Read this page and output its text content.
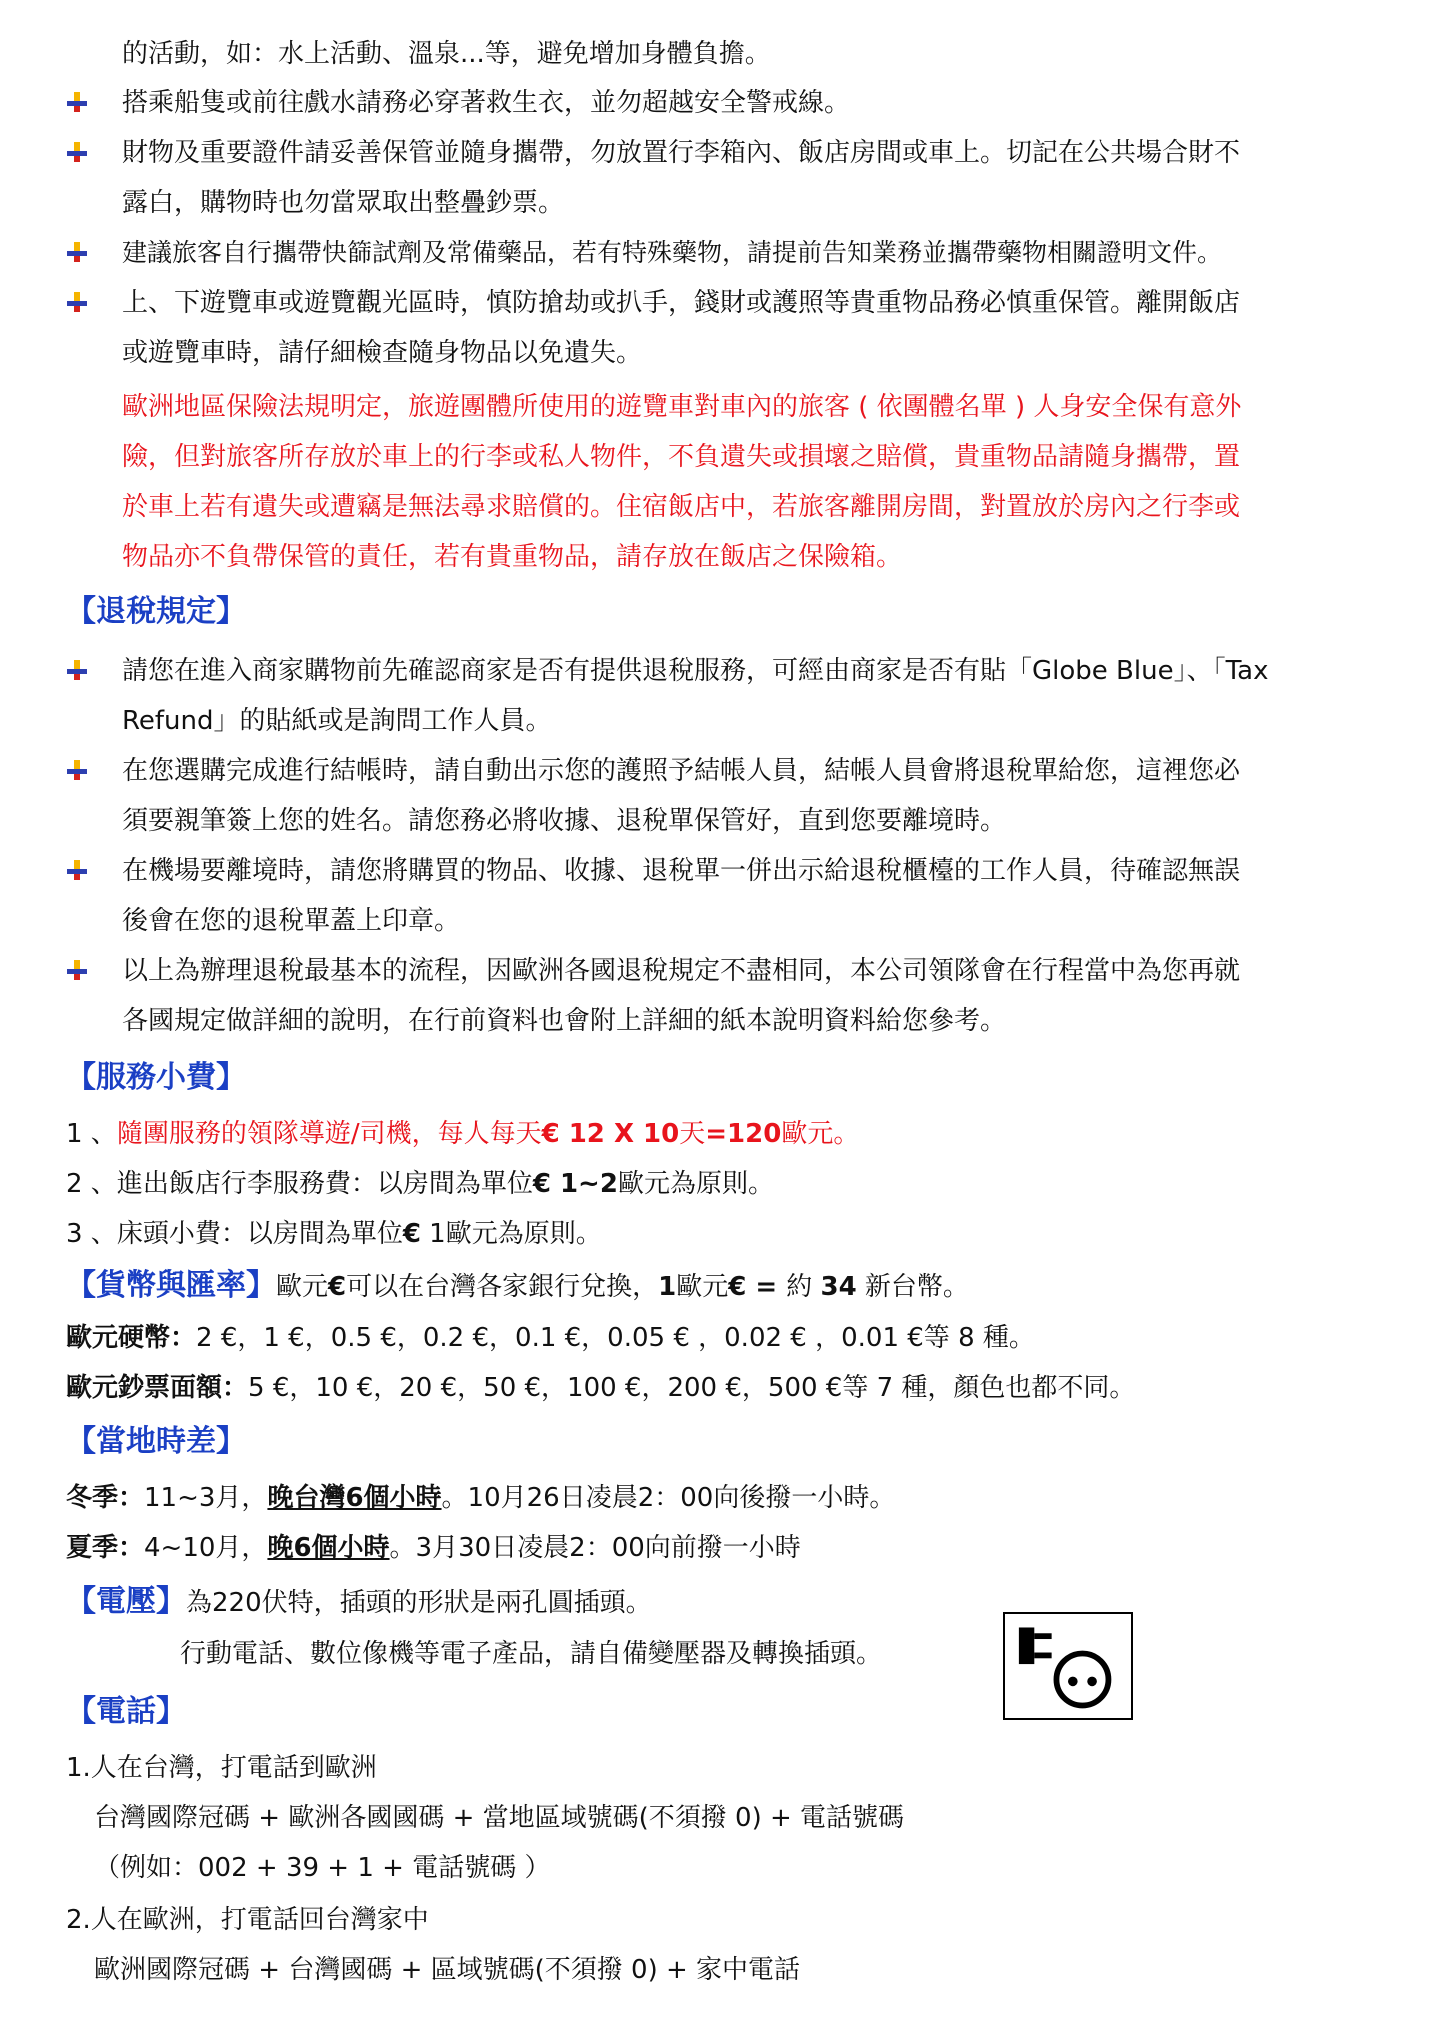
的活動，如：水上活動、溫泉...等，避免增加身體負擔。
搭乘船隻或前往戲水請務必穿著救生衣，並勿超越安全警戒線。
財物及重要證件請妥善保管並隨身攜帶，勿放置行李箱內、飯店房間或車上。切記在公共場合財不
露白，購物時也勿當眾取出整疊鈔票。
建議旅客自行攜帶快篩試劑及常備藥品，若有特殊藥物，請提前告知業務並攜帶藥物相關證明文件。
上、下遊覽車或遊覽觀光區時，慎防搶劫或扒手，錢財或護照等貴重物品務必慎重保管。離開飯店
或遊覽車時，請仔細檢查隨身物品以免遺失。
歐洲地區保險法規明定，旅遊團體所使用的遊覽車對車內的旅客 ( 依團體名單 ) 人身安全保有意外
險，但對旅客所存放於車上的行李或私人物件，不負遺失或損壞之賠償，貴重物品請隨身攜帶，置
於車上若有遺失或遭竊是無法尋求賠償的。住宿飯店中，若旅客離開房間，對置放於房內之行李或
物品亦不負帶保管的責任，若有貴重物品，請存放在飯店之保險箱。
【退稅規定】
請您在進入商家購物前先確認商家是否有提供退稅服務，可經由商家是否有貼「Globe Blue」、「Tax
Refund」的貼紙或是詢問工作人員。
在您選購完成進行結帳時，請自動出示您的護照予結帳人員，結帳人員會將退稅單給您，這裡您必
須要親筆簽上您的姓名。請您務必將收據、退稅單保管好，直到您要離境時。
在機場要離境時，請您將購買的物品、收據、退稅單一併出示給退稅櫃檯的工作人員，待確認無誤
後會在您的退稅單蓋上印章。
以上為辦理退稅最基本的流程，因歐洲各國退稅規定不盡相同，本公司領隊會在行程當中為您再就
各國規定做詳細的說明，在行前資料也會附上詳細的紙本說明資料給您參考。
【服務小費】
1 、隨團服務的領隊導遊/司機，每人每天€ 12 X 10天=120歐元。
2 、進出飯店行李服務費：以房間為單位€ 1~2歐元為原則。
3 、床頭小費：以房間為單位€ 1歐元為原則。
【貨幣與匯率】歐元€可以在台灣各家銀行兌換，1歐元€ = 約 34 新台幣。
歐元硬幣：2 €，1 €，0.5 €，0.2 €，0.1 €，0.05 € ，0.02 € ，0.01 €等 8 種。
歐元鈔票面額：5 €，10 €，20 €，50 €，100 €，200 €，500 €等 7 種，顏色也都不同。
【當地時差】
冬季：11~3月，晚台灣6個小時。10月26日凌晨2：00向後撥一小時。
夏季：4~10月，晚6個小時。3月30日凌晨2：00向前撥一小時
【電壓】為220伏特，插頭的形狀是兩孔圓插頭。
行動電話、數位像機等電子產品，請自備變壓器及轉換插頭。
【電話】
1.人在台灣，打電話到歐洲
台灣國際冠碼 + 歐洲各國國碼 + 當地區域號碼(不須撥 0) + 電話號碼
（例如：002 + 39 + 1 + 電話號碼 ）
2.人在歐洲，打電話回台灣家中
歐洲國際冠碼 + 台灣國碼 + 區域號碼(不須撥 0) + 家中電話
